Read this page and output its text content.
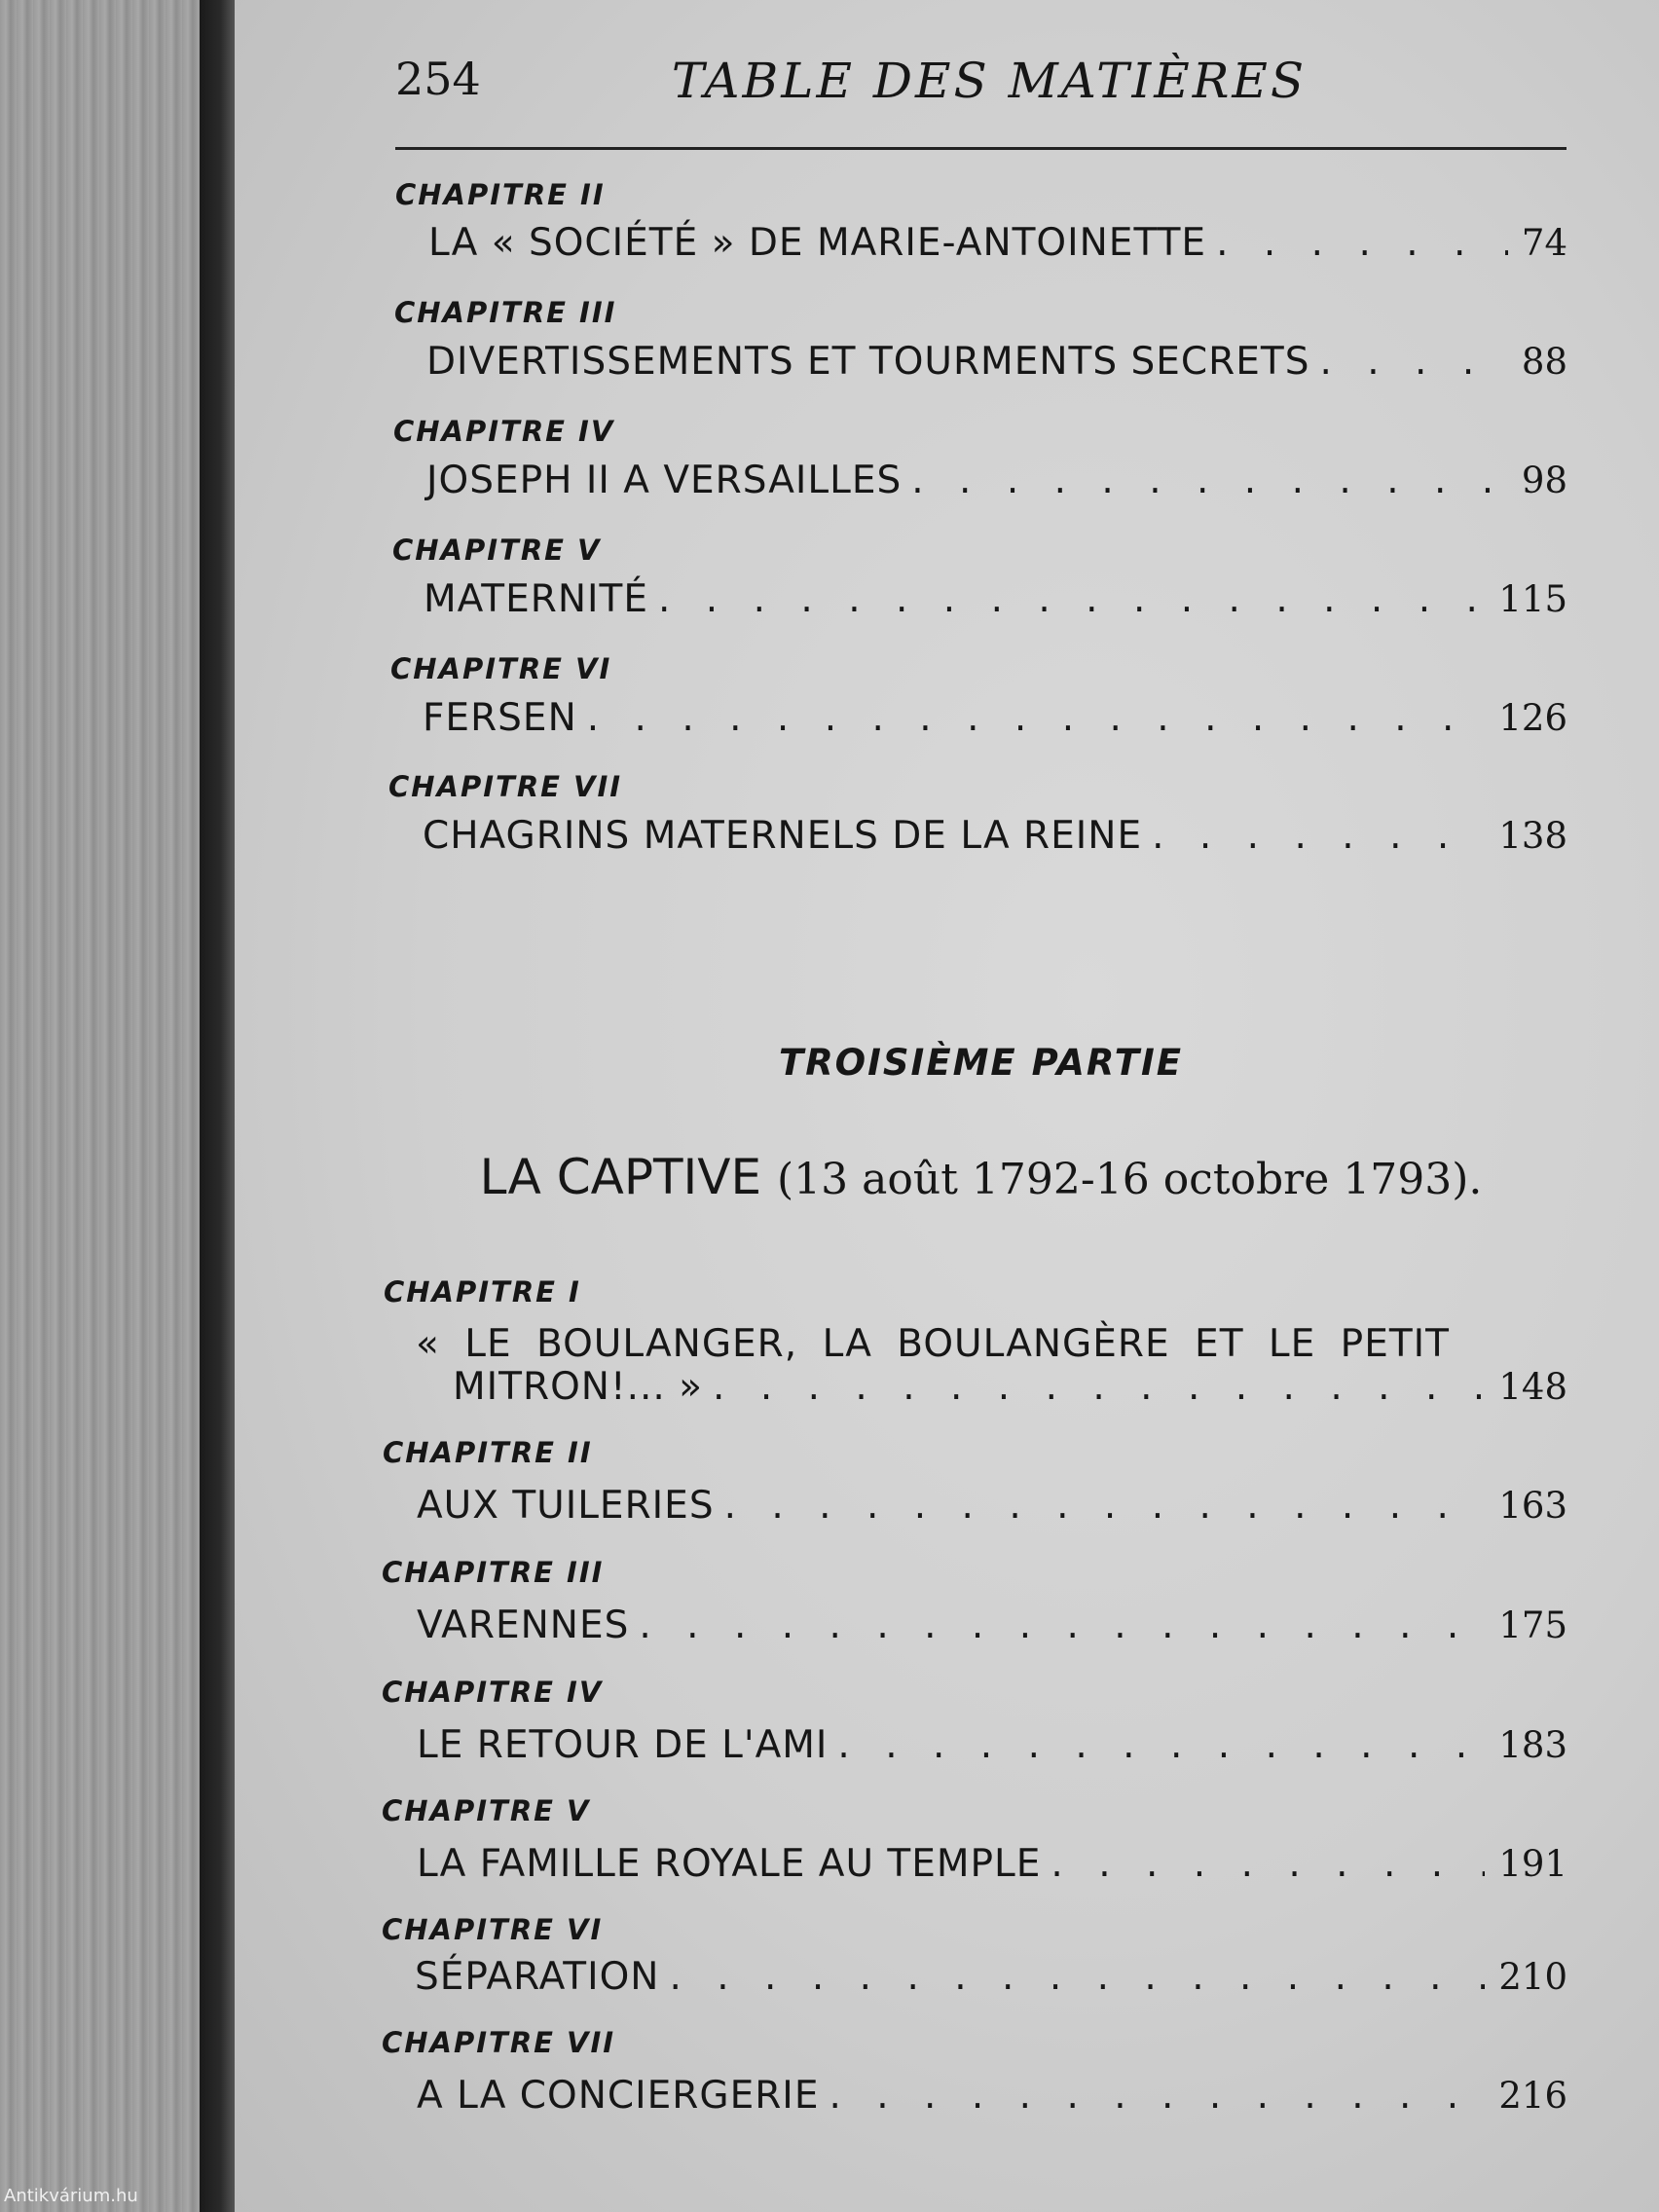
254	TABLE DES MATIÈRES
CHAPITRE II
LA « SOCIÉTÉ » DE MARIE-ANTOINETTE . . .	74
CHAPITRE III
DIVERTISSEMENTS ET TOURMENTS SECRETS . . .	88
CHAPITRE IV
JOSEPH II A VERSAILLES . . .	98
CHAPITRE V
MATERNITÉ . . .	115
CHAPITRE VI
FERSEN . . .	126
CHAPITRE VII
CHAGRINS MATERNELS DE LA REINE . . .	138
TROISIÈME PARTIE
LA CAPTIVE (13 août 1792-16 octobre 1793).
CHAPITRE I
« LE BOULANGER, LA BOULANGÈRE ET LE PETIT
MITRON!... » . . .	148
CHAPITRE II
AUX TUILERIES . . .	163
CHAPITRE III
VARENNES . . .	175
CHAPITRE IV
LE RETOUR DE L'AMI . . .	183
CHAPITRE V
LA FAMILLE ROYALE AU TEMPLE . . .	191
CHAPITRE VI
SÉPARATION . . .	210
CHAPITRE VII
A LA CONCIERGERIE . . .	216
Antikvárium.hu
